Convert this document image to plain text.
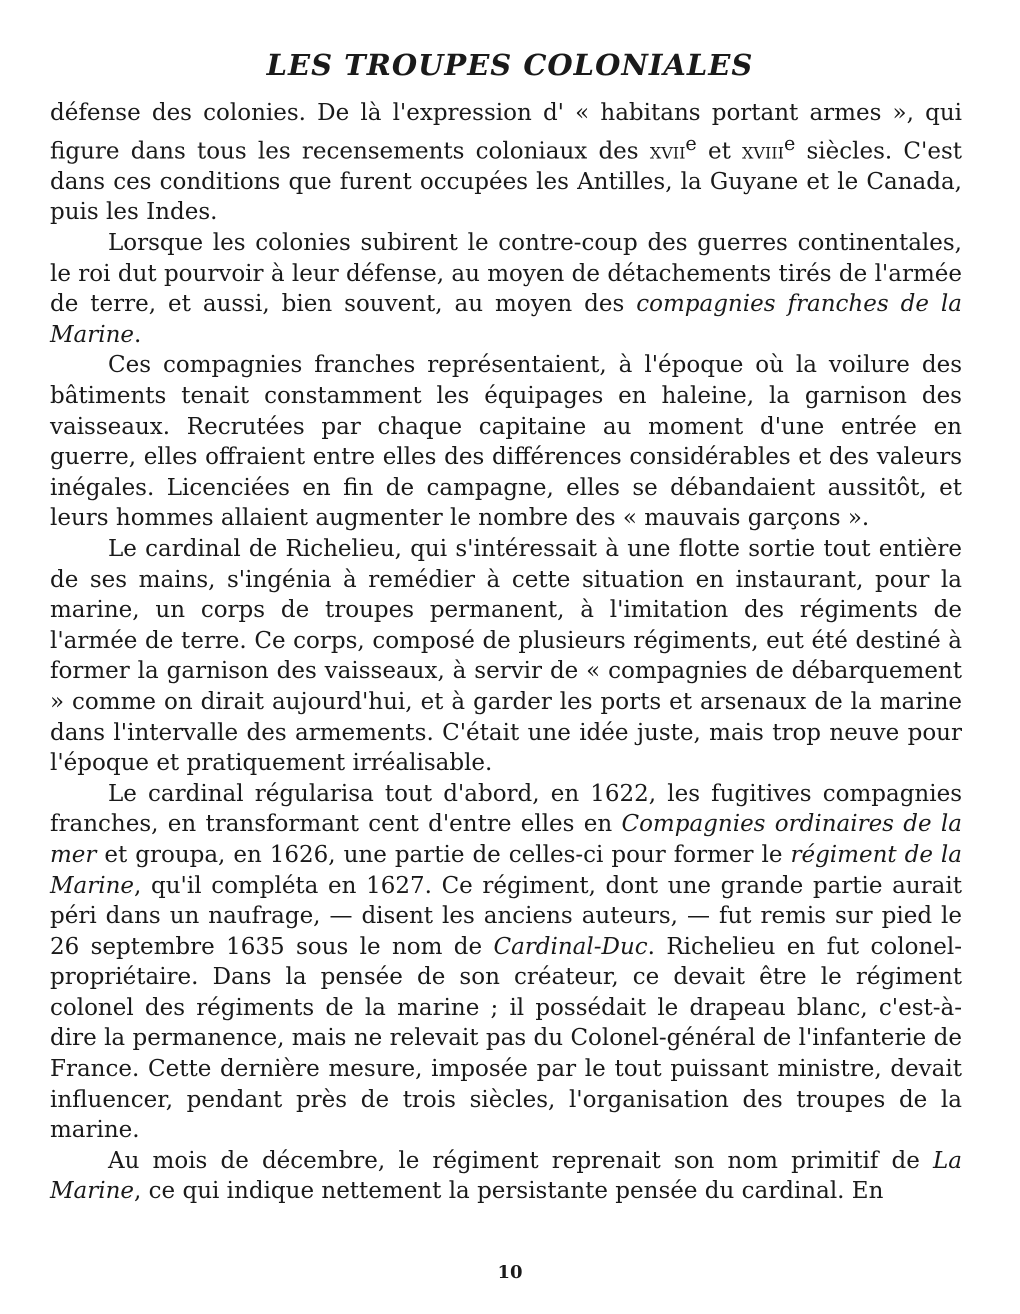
LES TROUPES COLONIALES

défense des colonies. De là l'expression d' « habitans portant armes », qui figure dans tous les recensements coloniaux des xvii$^e$ et xviii$^e$ siècles. C'est dans ces conditions que furent occupées les Antilles, la Guyane et le Canada, puis les Indes.

Lorsque les colonies subirent le contre-coup des guerres continentales, le roi dut pourvoir à leur défense, au moyen de détachements tirés de l'armée de terre, et aussi, bien souvent, au moyen des compagnies franches de la Marine.

Ces compagnies franches représentaient, à l'époque où la voilure des bâtiments tenait constamment les équipages en haleine, la garnison des vaisseaux. Recrutées par chaque capitaine au moment d'une entrée en guerre, elles offraient entre elles des différences considérables et des valeurs inégales. Licenciées en fin de campagne, elles se débandaient aussitôt, et leurs hommes allaient augmenter le nombre des « mauvais garçons ».

Le cardinal de Richelieu, qui s'intéressait à une flotte sortie tout entière de ses mains, s'ingénia à remédier à cette situation en instaurant, pour la marine, un corps de troupes permanent, à l'imitation des régiments de l'armée de terre. Ce corps, composé de plusieurs régiments, eut été destiné à former la garnison des vaisseaux, à servir de « compagnies de débarquement » comme on dirait aujourd'hui, et à garder les ports et arsenaux de la marine dans l'intervalle des armements. C'était une idée juste, mais trop neuve pour l'époque et pratiquement irréalisable.

Le cardinal régularisa tout d'abord, en 1622, les fugitives compagnies franches, en transformant cent d'entre elles en Compagnies ordinaires de la mer et groupa, en 1626, une partie de celles-ci pour former le régiment de la Marine, qu'il compléta en 1627. Ce régiment, dont une grande partie aurait péri dans un naufrage, — disent les anciens auteurs, — fut remis sur pied le 26 septembre 1635 sous le nom de Cardinal-Duc. Richelieu en fut colonel-propriétaire. Dans la pensée de son créateur, ce devait être le régiment colonel des régiments de la marine ; il possédait le drapeau blanc, c'est-à-dire la permanence, mais ne relevait pas du Colonel-général de l'infanterie de France. Cette dernière mesure, imposée par le tout puissant ministre, devait influencer, pendant près de trois siècles, l'organisation des troupes de la marine.

Au mois de décembre, le régiment reprenait son nom primitif de La Marine, ce qui indique nettement la persistante pensée du cardinal. En

10
